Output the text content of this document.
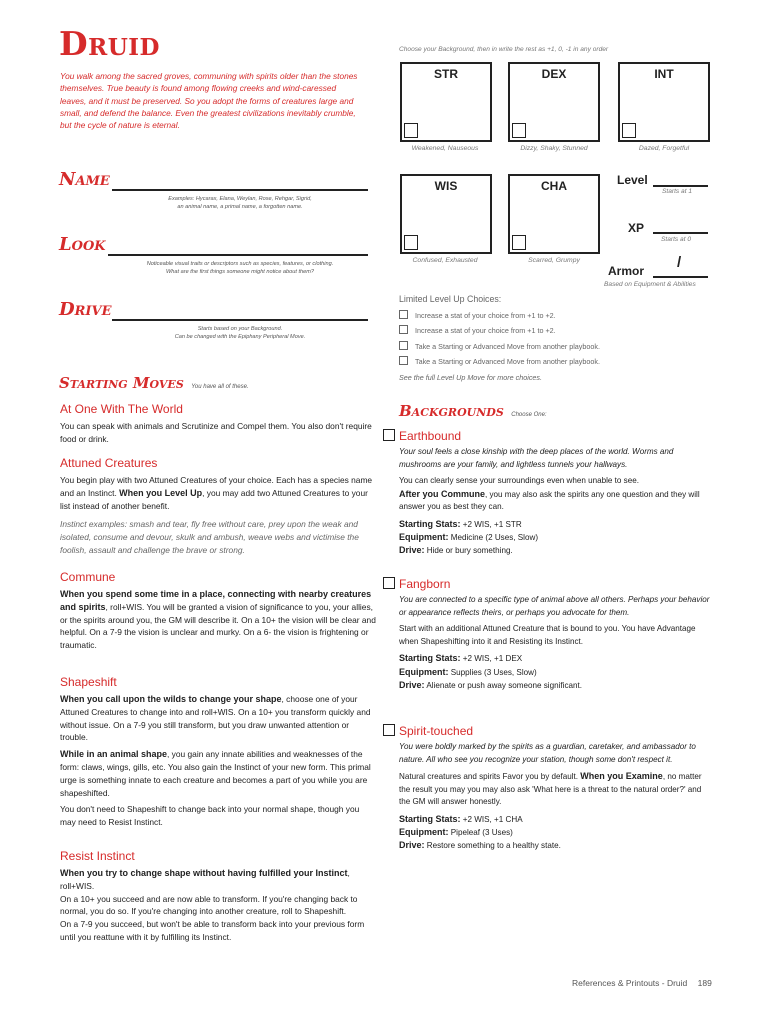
Druid
You walk among the sacred groves, communing with spirits older than the stones themselves. True beauty is found among flowing creeks and wind-caressed leaves, and it must be preserved. So you adopt the forms of creatures large and small, and defend the balance. Even the greatest civilizations inevitably crumble, but the cycle of nature is eternal.
Name
Examples: Hycarax, Elana, Weylan, Rose, Rehgar, Sigrid,
an animal name, a primal name, a forgotten name.
Look
Noticeable visual traits or descriptors such as species, features, or clothing.
What are the first things someone might notice about them?
Drive
Starts based on your Background.
Can be changed with the Epiphany Peripheral Move.
Starting Moves You have all of these.
At One With The World

You can speak with animals and Scrutinize and Compel them. You also don't require food or drink.

Attuned Creatures

You begin play with two Attuned Creatures of your choice. Each has a species name and an Instinct. When you Level Up, you may add two Attuned Creatures to your list instead of another benefit.

Instinct examples: smash and tear, fly free without care, prey upon the weak and isolated, consume and devour, skulk and ambush, weave webs and victimise the foolish, assault and challenge the brave or strong.

Commune

When you spend some time in a place, connecting with nearby creatures and spirits, roll+WIS. You will be granted a vision of significance to you, your allies, or the spirits around you, the GM will describe it. On a 10+ the vision will be clear and helpful. On a 7-9 the vision is unclear and murky. On a 6- the vision is frightening or traumatic.

Shapeshift

When you call upon the wilds to change your shape, choose one of your Attuned Creatures to change into and roll+WIS. On a 10+ you transform quickly and without issue. On a 7-9 you still transform, but you draw unwanted attention or trouble.

While in an animal shape, you gain any innate abilities and weaknesses of the form: claws, wings, gills, etc. You also gain the Instinct of your new form. This primal urge is something innate to each creature and becomes a part of you while you are shapeshifted.

You don't need to Shapeshift to change back into your normal shape, though you may need to Resist Instinct.

Resist Instinct

When you try to change shape without having fulfilled your Instinct, roll+WIS.

On a 10+ you succeed and are now able to transform. If you're changing back to normal, you do so. If you're changing into another creature, roll to Shapeshift.

On a 7-9 you succeed, but won't be able to transform back into your previous form until you reattune with it by fulfilling its Instinct.

Choose your Background, then in write the rest as +1, 0, -1 in any order
STR	DEX	INT
Weakened, Nauseous	Dizzy, Shaky, Stunned	Dazed, Forgetful
WIS	CHA
Confused, Exhausted	Scarred, Grumpy
Level
Starts at 1
XP
Starts at 0
Armor /
Based on Equipment & Abilities
Limited Level Up Choices:
Increase a stat of your choice from +1 to +2.
Increase a stat of your choice from +1 to +2.
Take a Starting or Advanced Move from another playbook.
Take a Starting or Advanced Move from another playbook.
See the full Level Up Move for more choices.
Backgrounds Choose One:
Earthbound

Your soul feels a close kinship with the deep places of the world. Worms and mushrooms are your family, and lightless tunnels your hallways.

You can clearly sense your surroundings even when unable to see.
After you Commune, you may also ask the spirits any one question and they will answer you as best they can.

Starting Stats: +2 WIS, +1 STR
Equipment: Medicine (2 Uses, Slow)
Drive: Hide or bury something.
Fangborn

You are connected to a specific type of animal above all others. Perhaps your behavior or appearance reflects theirs, or perhaps you advocate for them.

Start with an additional Attuned Creature that is bound to you. You have Advantage when Shapeshifting into it and Resisting its Instinct.

Starting Stats: +2 WIS, +1 DEX
Equipment: Supplies (3 Uses, Slow)
Drive: Alienate or push away someone significant.
Spirit-touched

You were boldly marked by the spirits as a guardian, caretaker, and ambassador to nature. All who see you recognize your station, though some don't respect it.

Natural creatures and spirits Favor you by default. When you Examine, no matter the result you may you may also ask 'What here is a threat to the natural order?' and the GM will answer honestly.

Starting Stats: +2 WIS, +1 CHA
Equipment: Pipeleaf (3 Uses)
Drive: Restore something to a healthy state.
References & Printouts - Druid 189
